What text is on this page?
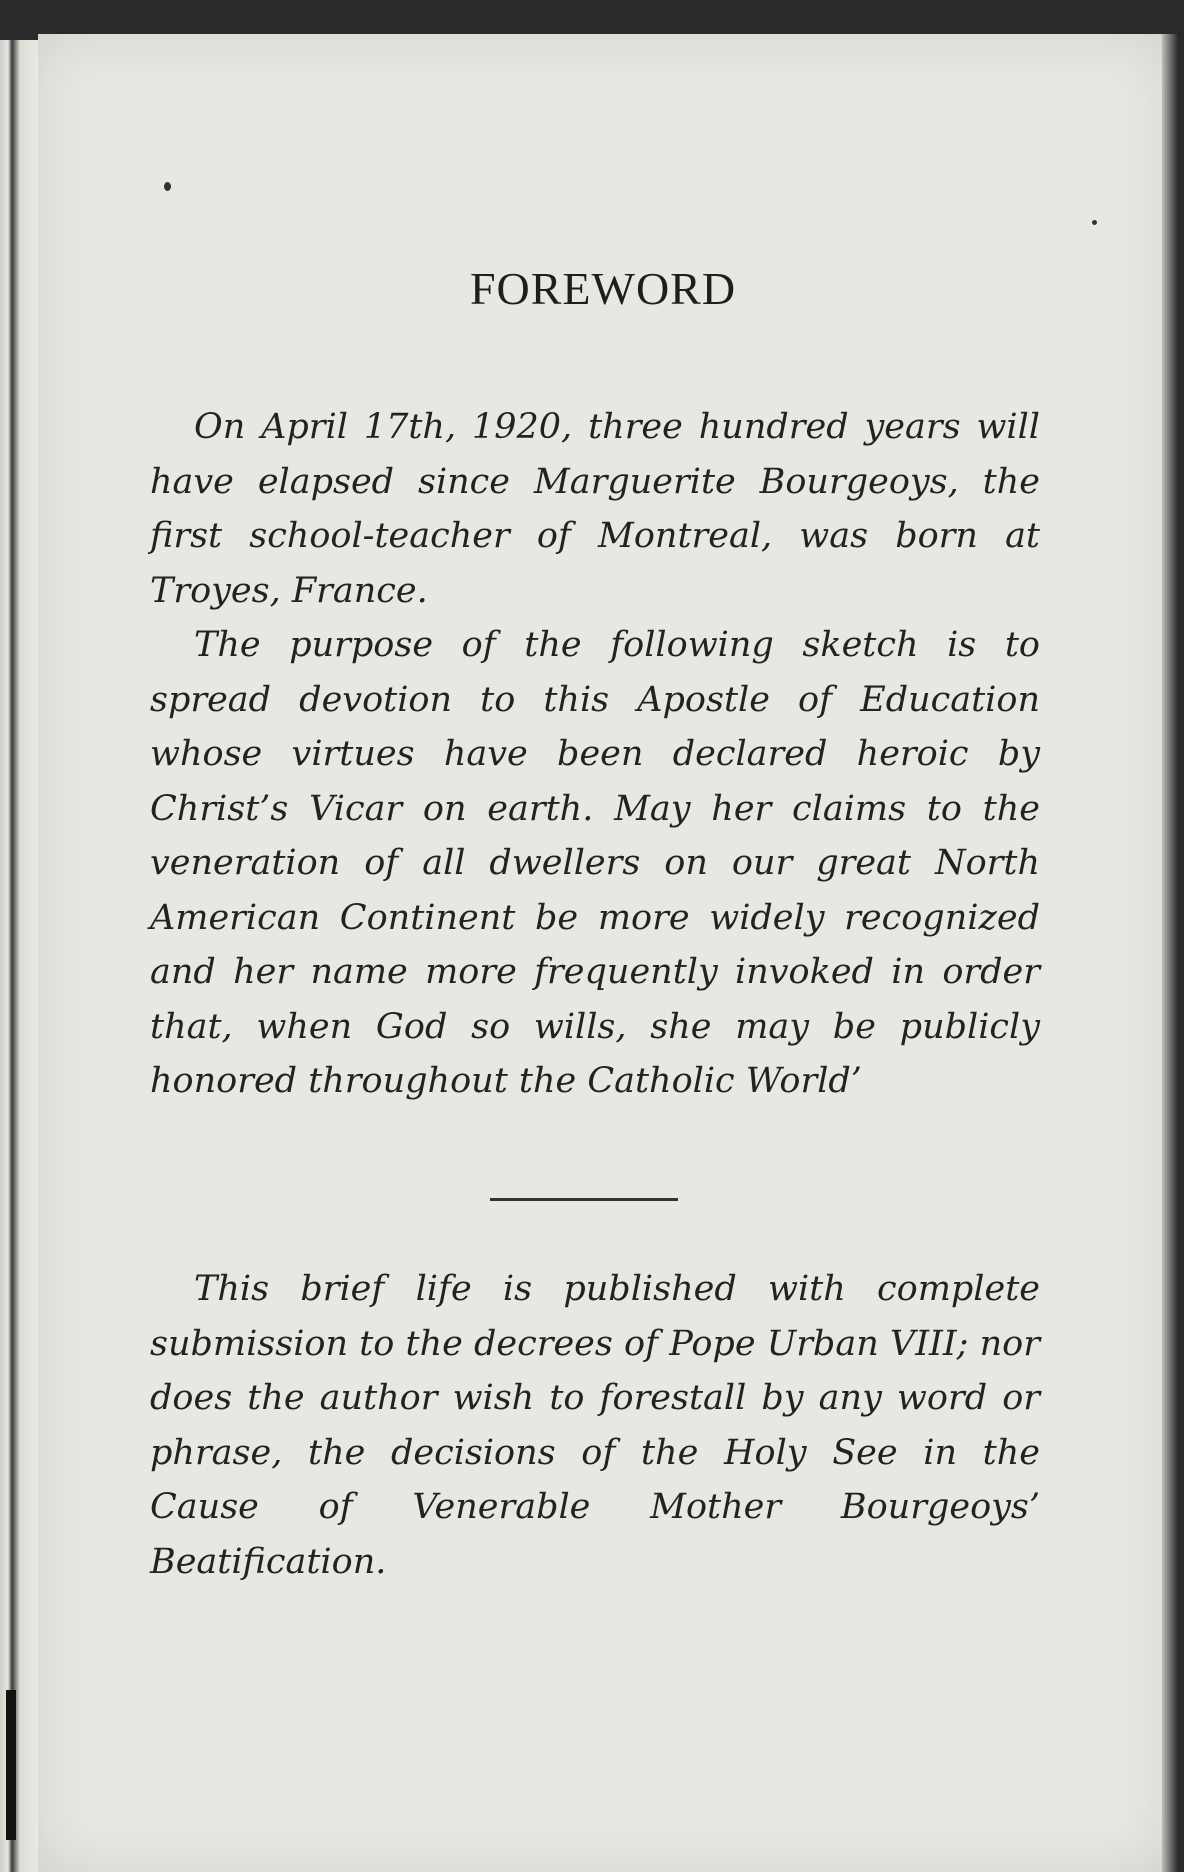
FOREWORD

On April 17th, 1920, three hundred years will have elapsed since Marguerite Bourgeoys, the first school-teacher of Montreal, was born at Troyes, France.

The purpose of the following sketch is to spread devotion to this Apostle of Education whose virtues have been declared heroic by Christ’s Vicar on earth. May her claims to the veneration of all dwellers on our great North American Continent be more widely recognized and her name more frequently invoked in order that, when God so wills, she may be publicly honored throughout the Catholic World’

This brief life is published with complete submission to the decrees of Pope Urban VIII; nor does the author wish to forestall by any word or phrase, the decisions of the Holy See in the Cause of Venerable Mother Bourgeoys’ Beatification.
